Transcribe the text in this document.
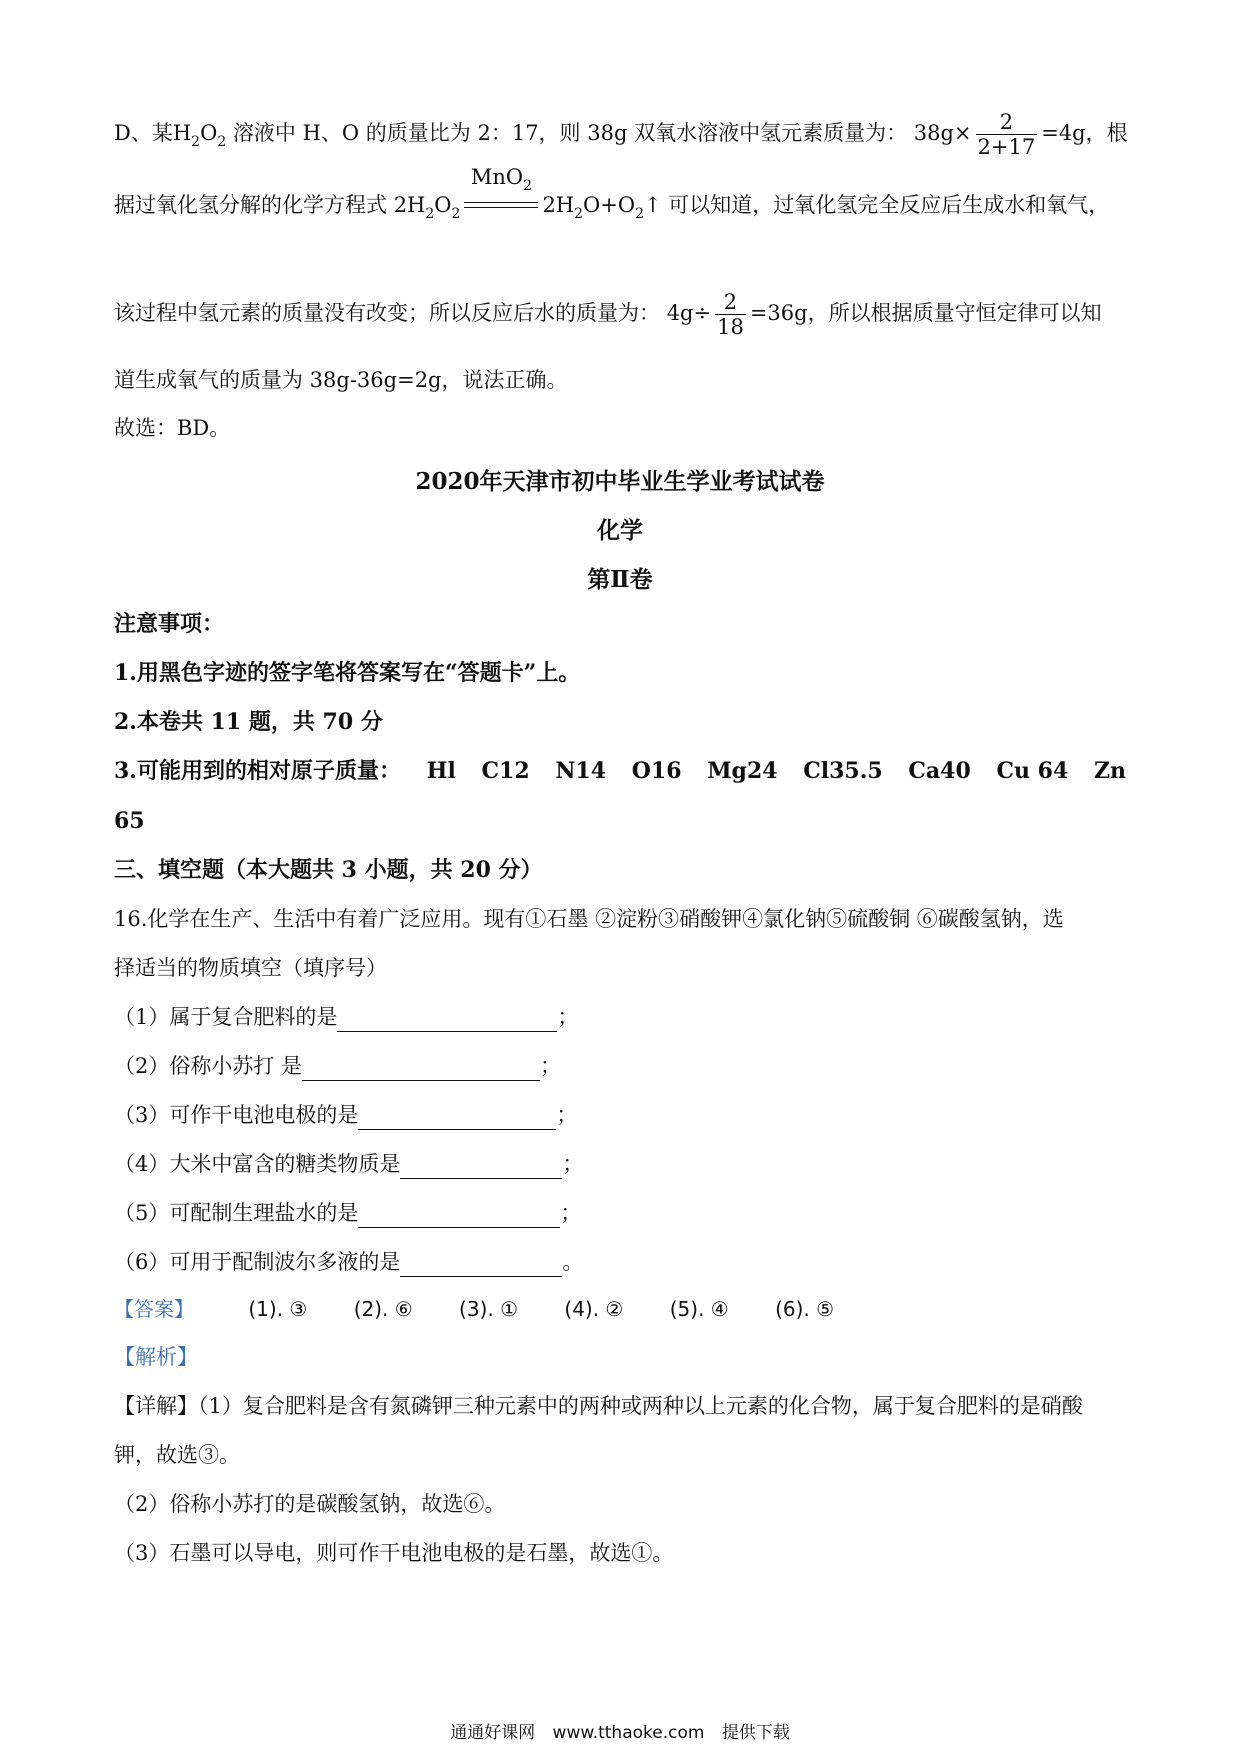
D、某$H_2O_2$ 溶液中 H、O 的质量比为 2：17，则 38g 双氧水溶液中氢元素质量为： $38g\times \frac{2}{2+17} =4g$，根
据过氧化氢分解的化学方程式 $2H_2O_2$
MnO$_2$
$2H_2O+O_2↑$ 可以知道，过氧化氢完全反应后生成水和氧气，
该过程中氢元素的质量没有改变；所以反应后水的质量为： $4g\div \frac{2}{18} =36g$，所以根据质量守恒定律可以知
道生成氧气的质量为 38g-36g=2g，说法正确。
故选：BD。
2020年天津市初中毕业生学业考试试卷
化学
第Ⅱ卷
注意事项：
1.用黑色字迹的签字笔将答案写在“答题卡”上。
2.本卷共 11 题，共 70 分
3.可能用到的相对原子质量： Hl C12 N14 O16 Mg24 Cl35.5 Ca40 Cu 64 Zn
65
三、填空题（本大题共 3 小题，共 20 分）
16.化学在生产、生活中有着广泛应用。现有①石墨 ②淀粉③硝酸钾④氯化钠⑤硫酸铜 ⑥碳酸氢钠，选
择适当的物质填空（填序号）
（1）属于复合肥料的是	；
（2）俗称小苏打 是	；
（3）可作干电池电极的是	；
（4）大米中富含的糖类物质是	；
（5）可配制生理盐水的是	；
（6）可用于配制波尔多液的是	。
【答案】	(1). ③ (2). ⑥ (3). ① (4). ② (5). ④ (6). ⑤
【解析】
【详解】（1）复合肥料是含有氮磷钾三种元素中的两种或两种以上元素的化合物，属于复合肥料的是硝酸
钾，故选③。
（2）俗称小苏打的是碳酸氢钠，故选⑥。
（3）石墨可以导电，则可作干电池电极的是石墨，故选①。
通通好课网 www.tthaoke.com 提供下载
